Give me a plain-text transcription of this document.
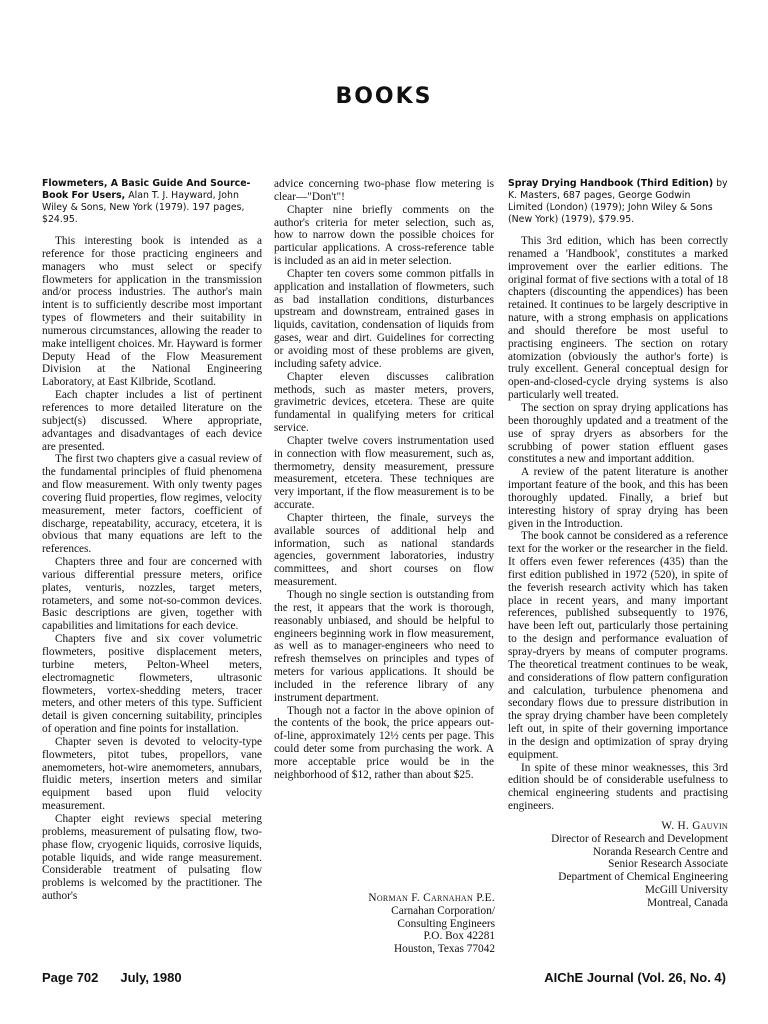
BOOKS
Flowmeters, A Basic Guide And Source-Book For Users, Alan T. J. Hayward, John Wiley & Sons, New York (1979). 197 pages, $24.95.

This interesting book is intended as a reference for those practicing engineers and managers who must select or specify flowmeters for application in the transmission and/or process industries. The author's main intent is to sufficiently describe most important types of flowmeters and their suitability in numerous circumstances, allowing the reader to make intelligent choices. Mr. Hayward is former Deputy Head of the Flow Measurement Division at the National Engineering Laboratory, at East Kilbride, Scotland.

Each chapter includes a list of pertinent references to more detailed literature on the subject(s) discussed. Where appropriate, advantages and disadvantages of each device are presented.

The first two chapters give a casual review of the fundamental principles of fluid phenomena and flow measurement. With only twenty pages covering fluid properties, flow regimes, velocity measurement, meter factors, coefficient of discharge, repeatability, accuracy, etcetera, it is obvious that many equations are left to the references.

Chapters three and four are concerned with various differential pressure meters, orifice plates, venturis, nozzles, target meters, rotameters, and some not-so-common devices. Basic descriptions are given, together with capabilities and limitations for each device.

Chapters five and six cover volumetric flowmeters, positive displacement meters, turbine meters, Pelton-Wheel meters, electromagnetic flowmeters, ultrasonic flowmeters, vortex-shedding meters, tracer meters, and other meters of this type. Sufficient detail is given concerning suitability, principles of operation and fine points for installation.

Chapter seven is devoted to velocity-type flowmeters, pitot tubes, propellors, vane anemometers, hot-wire anemometers, annubars, fluidic meters, insertion meters and similar equipment based upon fluid velocity measurement.

Chapter eight reviews special metering problems, measurement of pulsating flow, two-phase flow, cryogenic liquids, corrosive liquids, potable liquids, and wide range measurement. Considerable treatment of pulsating flow problems is welcomed by the practitioner. The author's

advice concerning two-phase flow metering is clear—"Don't"!

Chapter nine briefly comments on the author's criteria for meter selection, such as, how to narrow down the possible choices for particular applications. A cross-reference table is included as an aid in meter selection.

Chapter ten covers some common pitfalls in application and installation of flowmeters, such as bad installation conditions, disturbances upstream and downstream, entrained gases in liquids, cavitation, condensation of liquids from gases, wear and dirt. Guidelines for correcting or avoiding most of these problems are given, including safety advice.

Chapter eleven discusses calibration methods, such as master meters, provers, gravimetric devices, etcetera. These are quite fundamental in qualifying meters for critical service.

Chapter twelve covers instrumentation used in connection with flow measurement, such as, thermometry, density measurement, pressure measurement, etcetera. These techniques are very important, if the flow measurement is to be accurate.

Chapter thirteen, the finale, surveys the available sources of additional help and information, such as national standards agencies, government laboratories, industry committees, and short courses on flow measurement.

Though no single section is outstanding from the rest, it appears that the work is thorough, reasonably unbiased, and should be helpful to engineers beginning work in flow measurement, as well as to manager-engineers who need to refresh themselves on principles and types of meters for various applications. It should be included in the reference library of any instrument department.

Though not a factor in the above opinion of the contents of the book, the price appears out-of-line, approximately 12½ cents per page. This could deter some from purchasing the work. A more acceptable price would be in the neighborhood of $12, rather than about $25.

Norman F. Carnahan P.E.
Carnahan Corporation/
Consulting Engineers
P.O. Box 42281
Houston, Texas 77042
Spray Drying Handbook (Third Edition) by K. Masters, 687 pages, George Godwin Limited (London) (1979); John Wiley & Sons (New York) (1979), $79.95.

This 3rd edition, which has been correctly renamed a 'Handbook', constitutes a marked improvement over the earlier editions. The original format of five sections with a total of 18 chapters (discounting the appendices) has been retained. It continues to be largely descriptive in nature, with a strong emphasis on applications and should therefore be most useful to practising engineers. The section on rotary atomization (obviously the author's forte) is truly excellent. General conceptual design for open-and-closed-cycle drying systems is also particularly well treated.

The section on spray drying applications has been thoroughly updated and a treatment of the use of spray dryers as absorbers for the scrubbing of power station effluent gases constitutes a new and important addition.

A review of the patent literature is another important feature of the book, and this has been thoroughly updated. Finally, a brief but interesting history of spray drying has been given in the Introduction.

The book cannot be considered as a reference text for the worker or the researcher in the field. It offers even fewer references (435) than the first edition published in 1972 (520), in spite of the feverish research activity which has taken place in recent years, and many important references, published subsequently to 1976, have been left out, particularly those pertaining to the design and performance evaluation of spray-dryers by means of computer programs. The theoretical treatment continues to be weak, and considerations of flow pattern configuration and calculation, turbulence phenomena and secondary flows due to pressure distribution in the spray drying chamber have been completely left out, in spite of their governing importance in the design and optimization of spray drying equipment.

In spite of these minor weaknesses, this 3rd edition should be of considerable usefulness to chemical engineering students and practising engineers.

W. H. Gauvin
Director of Research and Development
Noranda Research Centre and
Senior Research Associate
Department of Chemical Engineering
McGill University
Montreal, Canada
Page 702 July, 1980	AIChE Journal (Vol. 26, No. 4)
